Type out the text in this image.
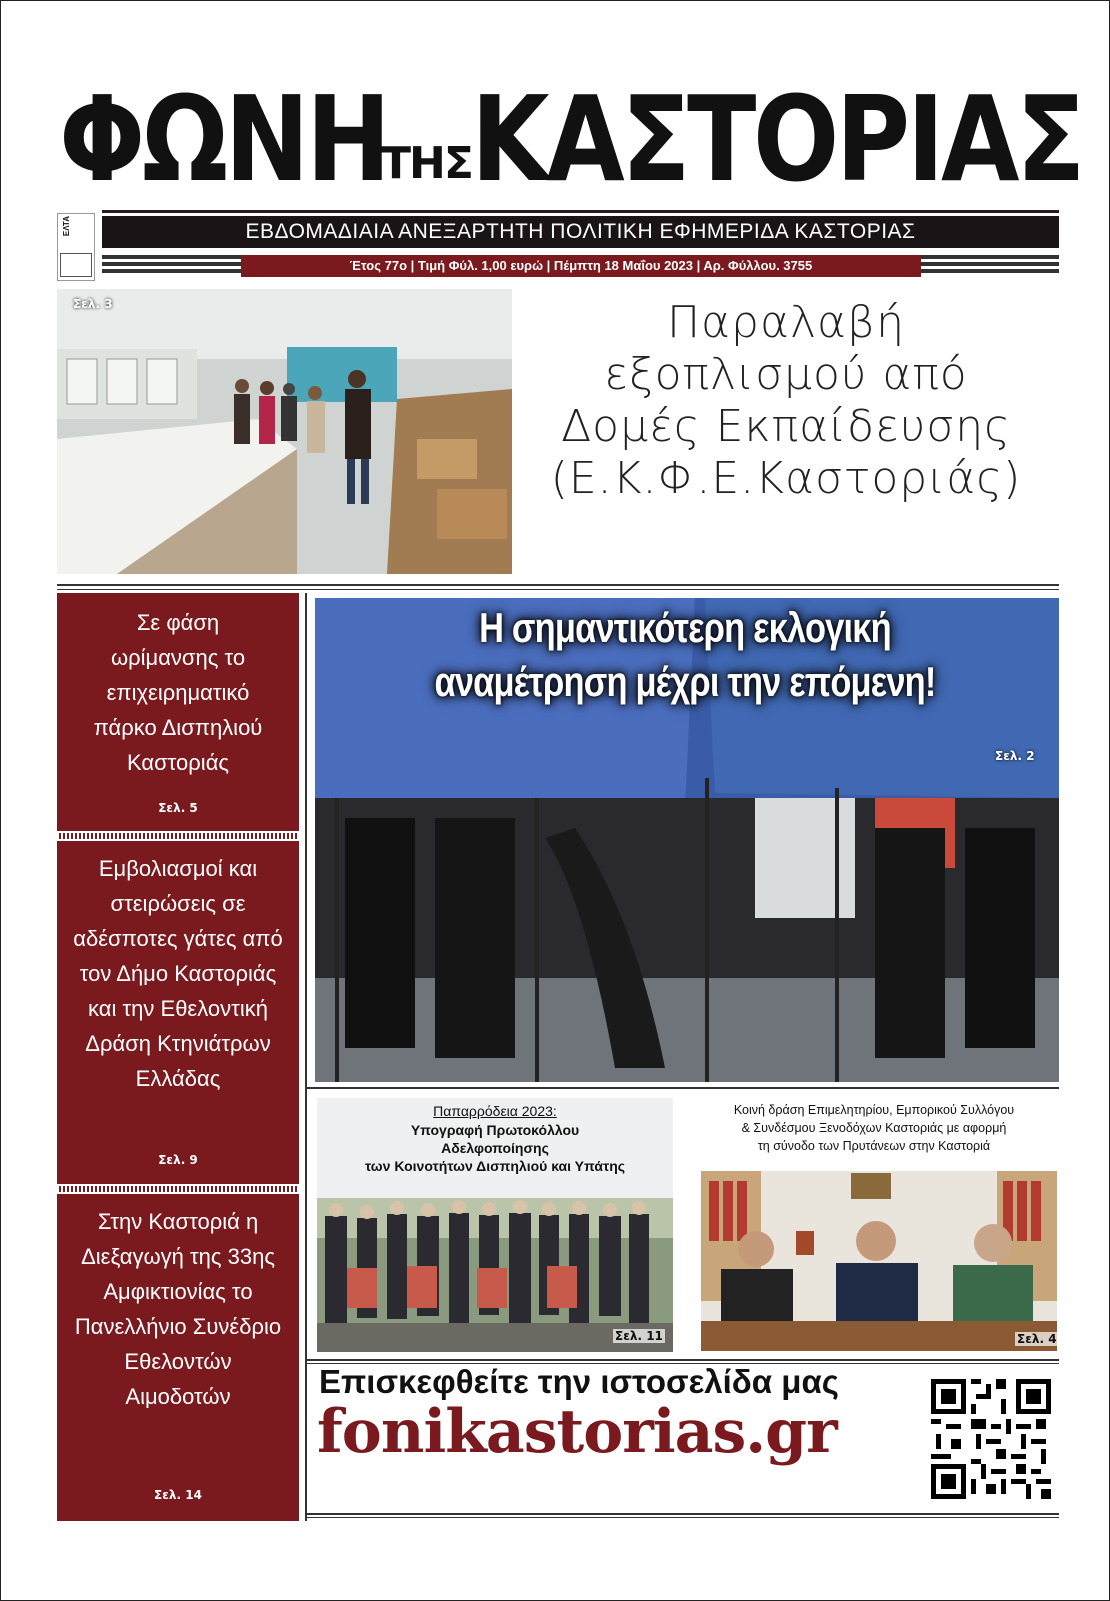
ΦΩΝΗ
ΤΗΣ ΚΑΣΤΟΡΙΑΣ
ΕΛΤΑ	ΕΒΔΟΜΑΔΙΑΙΑ ΑΝΕΞΑΡΤΗΤΗ ΠΟΛΙΤΙΚΗ ΕΦΗΜΕΡΙΔΑ ΚΑΣΤΟΡΙΑΣ
Έτος 77ο | Τιμή Φύλ. 1,00 ευρώ | Πέμπτη 18 Μαΐου 2023 | Αρ. Φύλλου. 3755
Σελ. 3	Παραλαβή
εξοπλισμού από
Δομές Εκπαίδευσης
(Ε.Κ.Φ.Ε.Καστοριάς)
Σε φάση ωρίμανσης το επιχειρηματικό πάρκο Δισπηλιού Καστοριάς
Σελ. 5
Εμβολιασμοί και στειρώσεις σε αδέσποτες γάτες από τον Δήμο Καστοριάς και την Εθελοντική Δράση Κτηνιάτρων Ελλάδας
Σελ. 9
Στην Καστοριά η Διεξαγωγή της 33ης Αμφικτιονίας το Πανελλήνιο Συνέδριο Εθελοντών Αιμοδοτών
Σελ. 14
Η σημαντικότερη εκλογική
αναμέτρηση μέχρι την επόμενη!
Σελ. 2
Παπαρρόδεια 2023:
Υπογραφή Πρωτοκόλλου
Αδελφοποίησης
των Κοινοτήτων Δισπηλιού και Υπάτης
Σελ. 11
Κοινή δράση Επιμελητηρίου, Εμπορικού Συλλόγου
& Συνδέσμου Ξενοδόχων Καστοριάς με αφορμή
τη σύνοδο των Πρυτάνεων στην Καστοριά
Σελ. 4
Επισκεφθείτε την ιστοσελίδα μας
fonikastorias.gr
